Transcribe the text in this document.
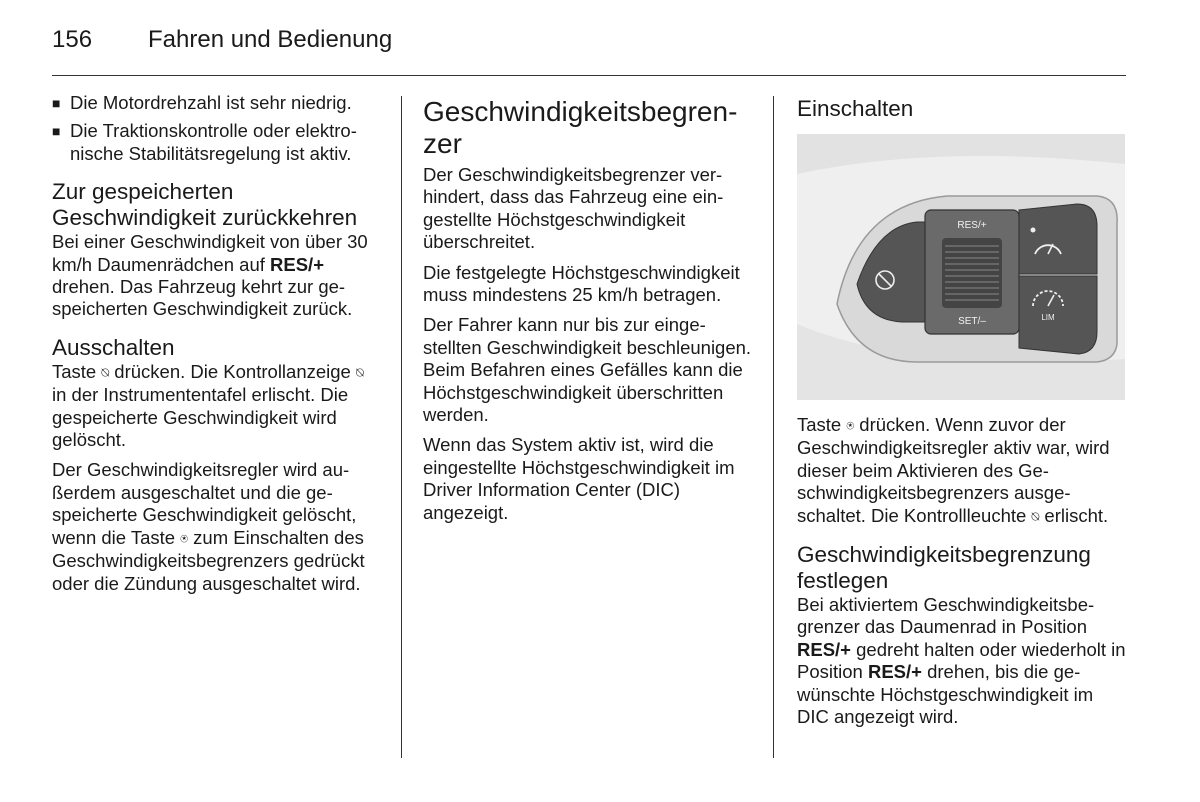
156	Fahren und Bedienung
■ Die Motordrehzahl ist sehr niedrig.
■ Die Traktionskontrolle oder elektronische Stabilitätsregelung ist aktiv.
Zur gespeicherten
Geschwindigkeit zurückkehren

Bei einer Geschwindigkeit von über 30 km/h Daumenrädchen auf RES/+ drehen. Das Fahrzeug kehrt zur gespeicherten Geschwindigkeit zurück.

Ausschalten

Taste ⍉ drücken. Die Kontrollanzeige ⍉ in der Instrumententafel erlischt. Die gespeicherte Geschwindigkeit wird gelöscht.

Der Geschwindigkeitsregler wird außerdem ausgeschaltet und die gespeicherte Geschwindigkeit gelöscht, wenn die Taste ⍟ zum Einschalten des Geschwindigkeitsbegrenzers gedrückt oder die Zündung ausgeschaltet wird.

Geschwindigkeitsbegrenzer

Der Geschwindigkeitsbegrenzer verhindert, dass das Fahrzeug eine eingestellte Höchstgeschwindigkeit überschreitet.

Die festgelegte Höchstgeschwindigkeit muss mindestens 25 km/h betragen.

Der Fahrer kann nur bis zur eingestellten Geschwindigkeit beschleunigen. Beim Befahren eines Gefälles kann die Höchstgeschwindigkeit überschritten werden.

Wenn das System aktiv ist, wird die eingestellte Höchstgeschwindigkeit im Driver Information Center (DIC) angezeigt.

Einschalten
RES/+
SET/–	LIM

Taste ⍟ drücken. Wenn zuvor der Geschwindigkeitsregler aktiv war, wird dieser beim Aktivieren des Geschwindigkeitsbegrenzers ausgeschaltet. Die Kontrollleuchte ⍉ erlischt.

Geschwindigkeitsbegrenzung
festlegen

Bei aktiviertem Geschwindigkeitsbegrenzer das Daumenrad in Position RES/+ gedreht halten oder wiederholt in Position RES/+ drehen, bis die gewünschte Höchstgeschwindigkeit im DIC angezeigt wird.
